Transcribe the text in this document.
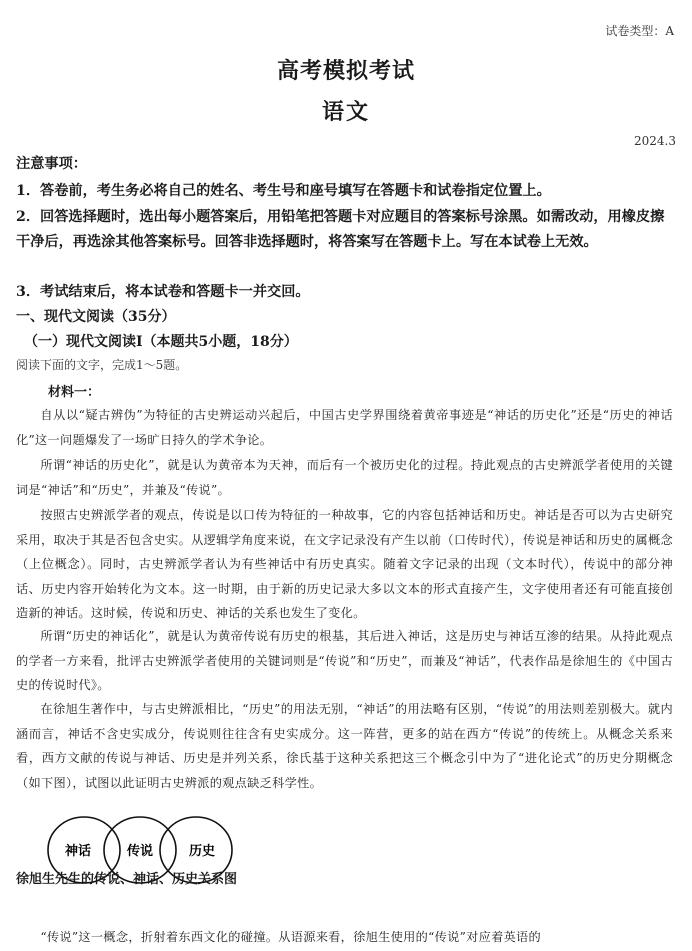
试卷类型：A
高考模拟考试
语文
2024.3
注意事项：
1．答卷前，考生务必将自己的姓名、考生号和座号填写在答题卡和试卷指定位置上。
2．回答选择题时，选出每小题答案后，用铅笔把答题卡对应题目的答案标号涂黑。如需改动，用橡皮擦干净后，再选涂其他答案标号。回答非选择题时，将答案写在答题卡上。写在本试卷上无效。
3．考试结束后，将本试卷和答题卡一并交回。
一、现代文阅读（35分）
（一）现代文阅读Ⅰ（本题共5小题，18分）
阅读下面的文字，完成1～5题。
材料一：
自从以“疑古辨伪”为特征的古史辨运动兴起后，中国古史学界围绕着黄帝事迹是“神话的历史化”还是“历史的神话化”这一问题爆发了一场旷日持久的学术争论。
所谓“神话的历史化”，就是认为黄帝本为天神，而后有一个被历史化的过程。持此观点的古史辨派学者使用的关键词是“神话”和“历史”，并兼及“传说”。
按照古史辨派学者的观点，传说是以口传为特征的一种故事，它的内容包括神话和历史。神话是否可以为古史研究采用，取决于其是否包含史实。从逻辑学角度来说，在文字记录没有产生以前（口传时代），传说是神话和历史的属概念（上位概念）。同时，古史辨派学者认为有些神话中有历史真实。随着文字记录的出现（文本时代），传说中的部分神话、历史内容开始转化为文本。这一时期，由于新的历史记录大多以文本的形式直接产生，文字使用者还有可能直接创造新的神话。这时候，传说和历史、神话的关系也发生了变化。
所谓“历史的神话化”，就是认为黄帝传说有历史的根基，其后进入神话，这是历史与神话互渗的结果。从持此观点的学者一方来看，批评古史辨派学者使用的关键词则是“传说”和“历史”，而兼及“神话”，代表作品是徐旭生的《中国古史的传说时代》。
在徐旭生著作中，与古史辨派相比，“历史”的用法无别，“神话”的用法略有区别，“传说”的用法则差别极大。就内涵而言，神话不含史实成分，传说则往往含有史实成分。这一阵营，更多的站在西方“传说”的传统上。从概念关系来看，西方文献的传说与神话、历史是并列关系，徐氏基于这种关系把这三个概念引中为了“进化论式”的历史分期概念（如下图），试图以此证明古史辨派的观点缺乏科学性。
神话	传说	历史
徐旭生先生的传说、神话、历史关系图
“传说”这一概念，折射着东西文化的碰撞。从语源来看，徐旭生使用的“传说”对应着英语的
